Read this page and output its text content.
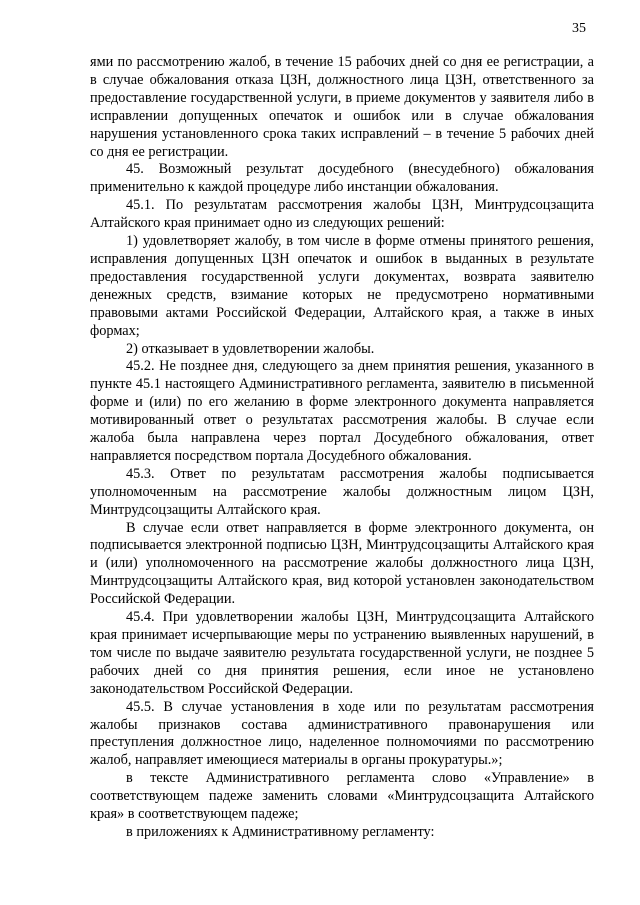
35

ями по рассмотрению жалоб, в течение 15 рабочих дней со дня ее регистрации, а в случае обжалования отказа ЦЗН, должностного лица ЦЗН, ответственного за предоставление государственной услуги, в приеме документов у заявителя либо в исправлении допущенных опечаток и ошибок или в случае обжалования нарушения установленного срока таких исправлений – в течение 5 рабочих дней со дня ее регистрации.

45. Возможный результат досудебного (внесудебного) обжалования применительно к каждой процедуре либо инстанции обжалования.

45.1. По результатам рассмотрения жалобы ЦЗН, Минтрудсоцзащита Алтайского края принимает одно из следующих решений:

1) удовлетворяет жалобу, в том числе в форме отмены принятого решения, исправления допущенных ЦЗН опечаток и ошибок в выданных в результате предоставления государственной услуги документах, возврата заявителю денежных средств, взимание которых не предусмотрено нормативными правовыми актами Российской Федерации, Алтайского края, а также в иных формах;

2) отказывает в удовлетворении жалобы.

45.2. Не позднее дня, следующего за днем принятия решения, указанного в пункте 45.1 настоящего Административного регламента, заявителю в письменной форме и (или) по его желанию в форме электронного документа направляется мотивированный ответ о результатах рассмотрения жалобы. В случае если жалоба была направлена через портал Досудебного обжалования, ответ направляется посредством портала Досудебного обжалования.

45.3. Ответ по результатам рассмотрения жалобы подписывается уполномоченным на рассмотрение жалобы должностным лицом ЦЗН, Минтрудсоцзащиты Алтайского края.

В случае если ответ направляется в форме электронного документа, он подписывается электронной подписью ЦЗН, Минтрудсоцзащиты Алтайского края и (или) уполномоченного на рассмотрение жалобы должностного лица ЦЗН, Минтрудсоцзащиты Алтайского края, вид которой установлен законодательством Российской Федерации.

45.4. При удовлетворении жалобы ЦЗН, Минтрудсоцзащита Алтайского края принимает исчерпывающие меры по устранению выявленных нарушений, в том числе по выдаче заявителю результата государственной услуги, не позднее 5 рабочих дней со дня принятия решения, если иное не установлено законодательством Российской Федерации.

45.5. В случае установления в ходе или по результатам рассмотрения жалобы признаков состава административного правонарушения или преступления должностное лицо, наделенное полномочиями по рассмотрению жалоб, направляет имеющиеся материалы в органы прокуратуры.»;

в тексте Административного регламента слово «Управление» в соответствующем падеже заменить словами «Минтрудсоцзащита Алтайского края» в соответствующем падеже;

в приложениях к Административному регламенту:
